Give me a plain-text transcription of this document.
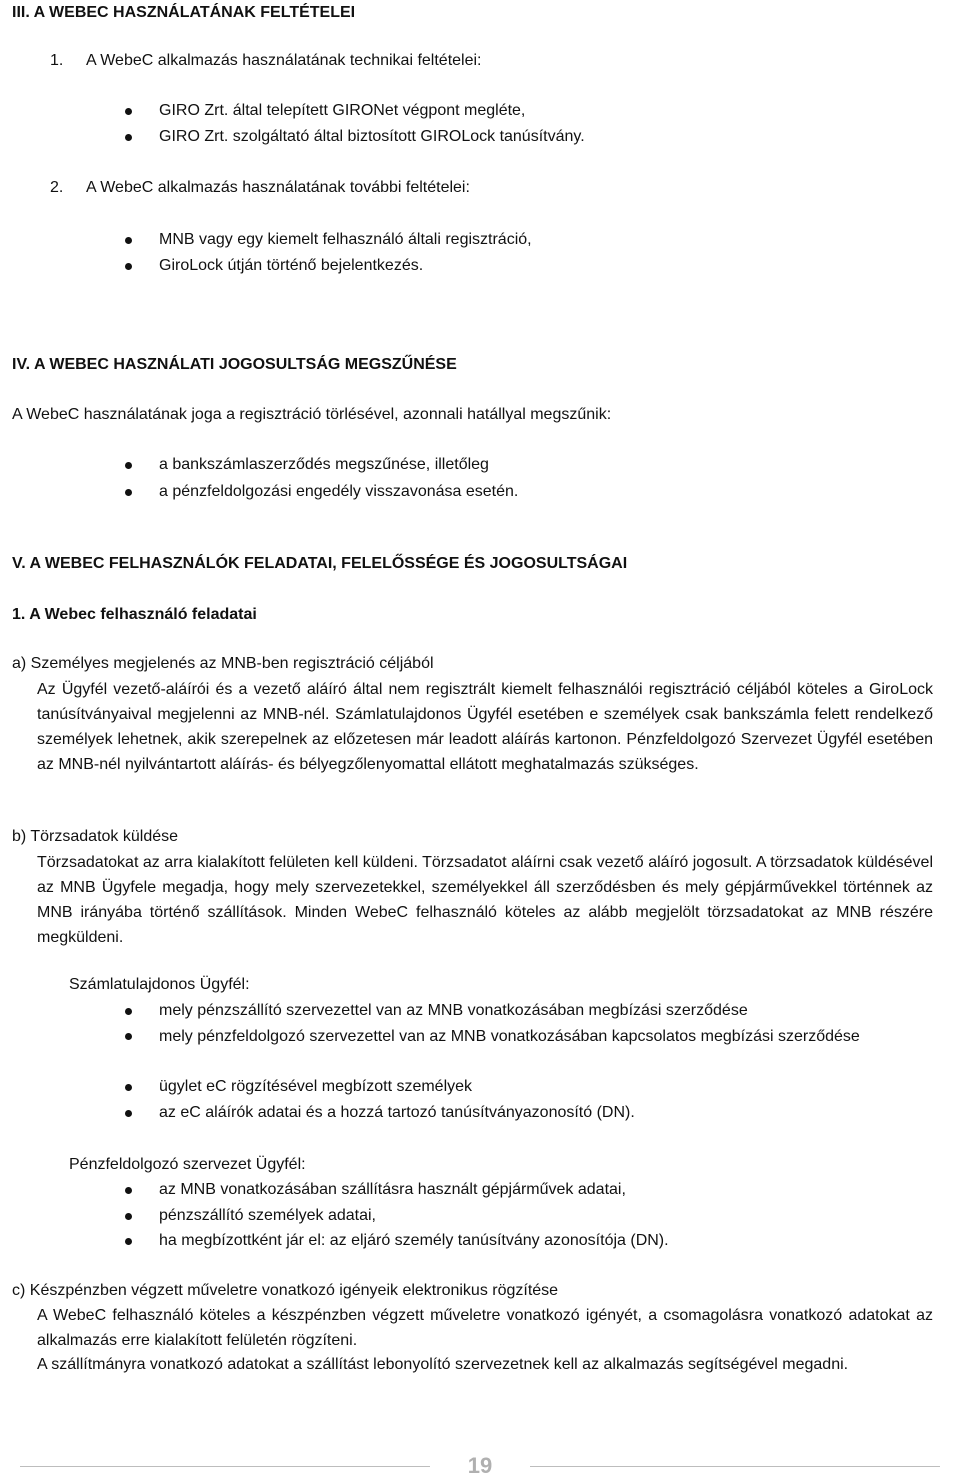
III. A WEBEC HASZNÁLATÁNAK FELTÉTELEI
1. A WebeC alkalmazás használatának technikai feltételei:
GIRO Zrt. által telepített GIRONet végpont megléte,
GIRO Zrt. szolgáltató által biztosított GIROLock tanúsítvány.
2. A WebeC alkalmazás használatának további feltételei:
MNB vagy egy kiemelt felhasználó általi regisztráció,
GiroLock útján történő bejelentkezés.
IV. A WEBEC HASZNÁLATI JOGOSULTSÁG MEGSZŰNÉSE
A WebeC használatának joga a regisztráció törlésével, azonnali hatállyal megszűnik:
a bankszámlaszerződés megszűnése, illetőleg
a pénzfeldolgozási engedély visszavonása esetén.
V. A WEBEC FELHASZNÁLÓK FELADATAI, FELELŐSSÉGE ÉS JOGOSULTSÁGAI
1. A Webec felhasználó feladatai
a) Személyes megjelenés az MNB-ben regisztráció céljából
Az Ügyfél vezető-aláírói és a vezető aláíró által nem regisztrált kiemelt felhasználói regisztráció céljából köteles a GiroLock tanúsítványaival megjelenni az MNB-nél. Számlatulajdonos Ügyfél esetében e személyek csak bankszámla felett rendelkező személyek lehetnek, akik szerepelnek az előzetesen már leadott aláírás kartonon. Pénzfeldolgozó Szervezet Ügyfél esetében az MNB-nél nyilvántartott aláírás- és bélyegzőlenyomattal ellátott meghatalmazás szükséges.
b) Törzsadatok küldése
Törzsadatokat az arra kialakított felületen kell küldeni. Törzsadatot aláírni csak vezető aláíró jogosult. A törzsadatok küldésével az MNB Ügyfele megadja, hogy mely szervezetekkel, személyekkel áll szerződésben és mely gépjárművekkel történnek az MNB irányába történő szállítások. Minden WebeC felhasználó köteles az alább megjelölt törzsadatokat az MNB részére megküldeni.
Számlatulajdonos Ügyfél:
mely pénzszállító szervezettel van az MNB vonatkozásában megbízási szerződése
mely pénzfeldolgozó szervezettel van az MNB vonatkozásában kapcsolatos megbízási szerződése
ügylet eC rögzítésével megbízott személyek
az eC aláírók adatai és a hozzá tartozó tanúsítványazonosító (DN).
Pénzfeldolgozó szervezet Ügyfél:
az MNB vonatkozásában szállításra használt gépjárművek adatai,
pénzszállító személyek adatai,
ha megbízottként jár el: az eljáró személy tanúsítvány azonosítója (DN).
c) Készpénzben végzett műveletre vonatkozó igényeik elektronikus rögzítése
A WebeC felhasználó köteles a készpénzben végzett műveletre vonatkozó igényét, a csomagolásra vonatkozó adatokat az alkalmazás erre kialakított felületén rögzíteni.
A szállítmányra vonatkozó adatokat a szállítást lebonyolító szervezetnek kell az alkalmazás segítségével megadni.
19
